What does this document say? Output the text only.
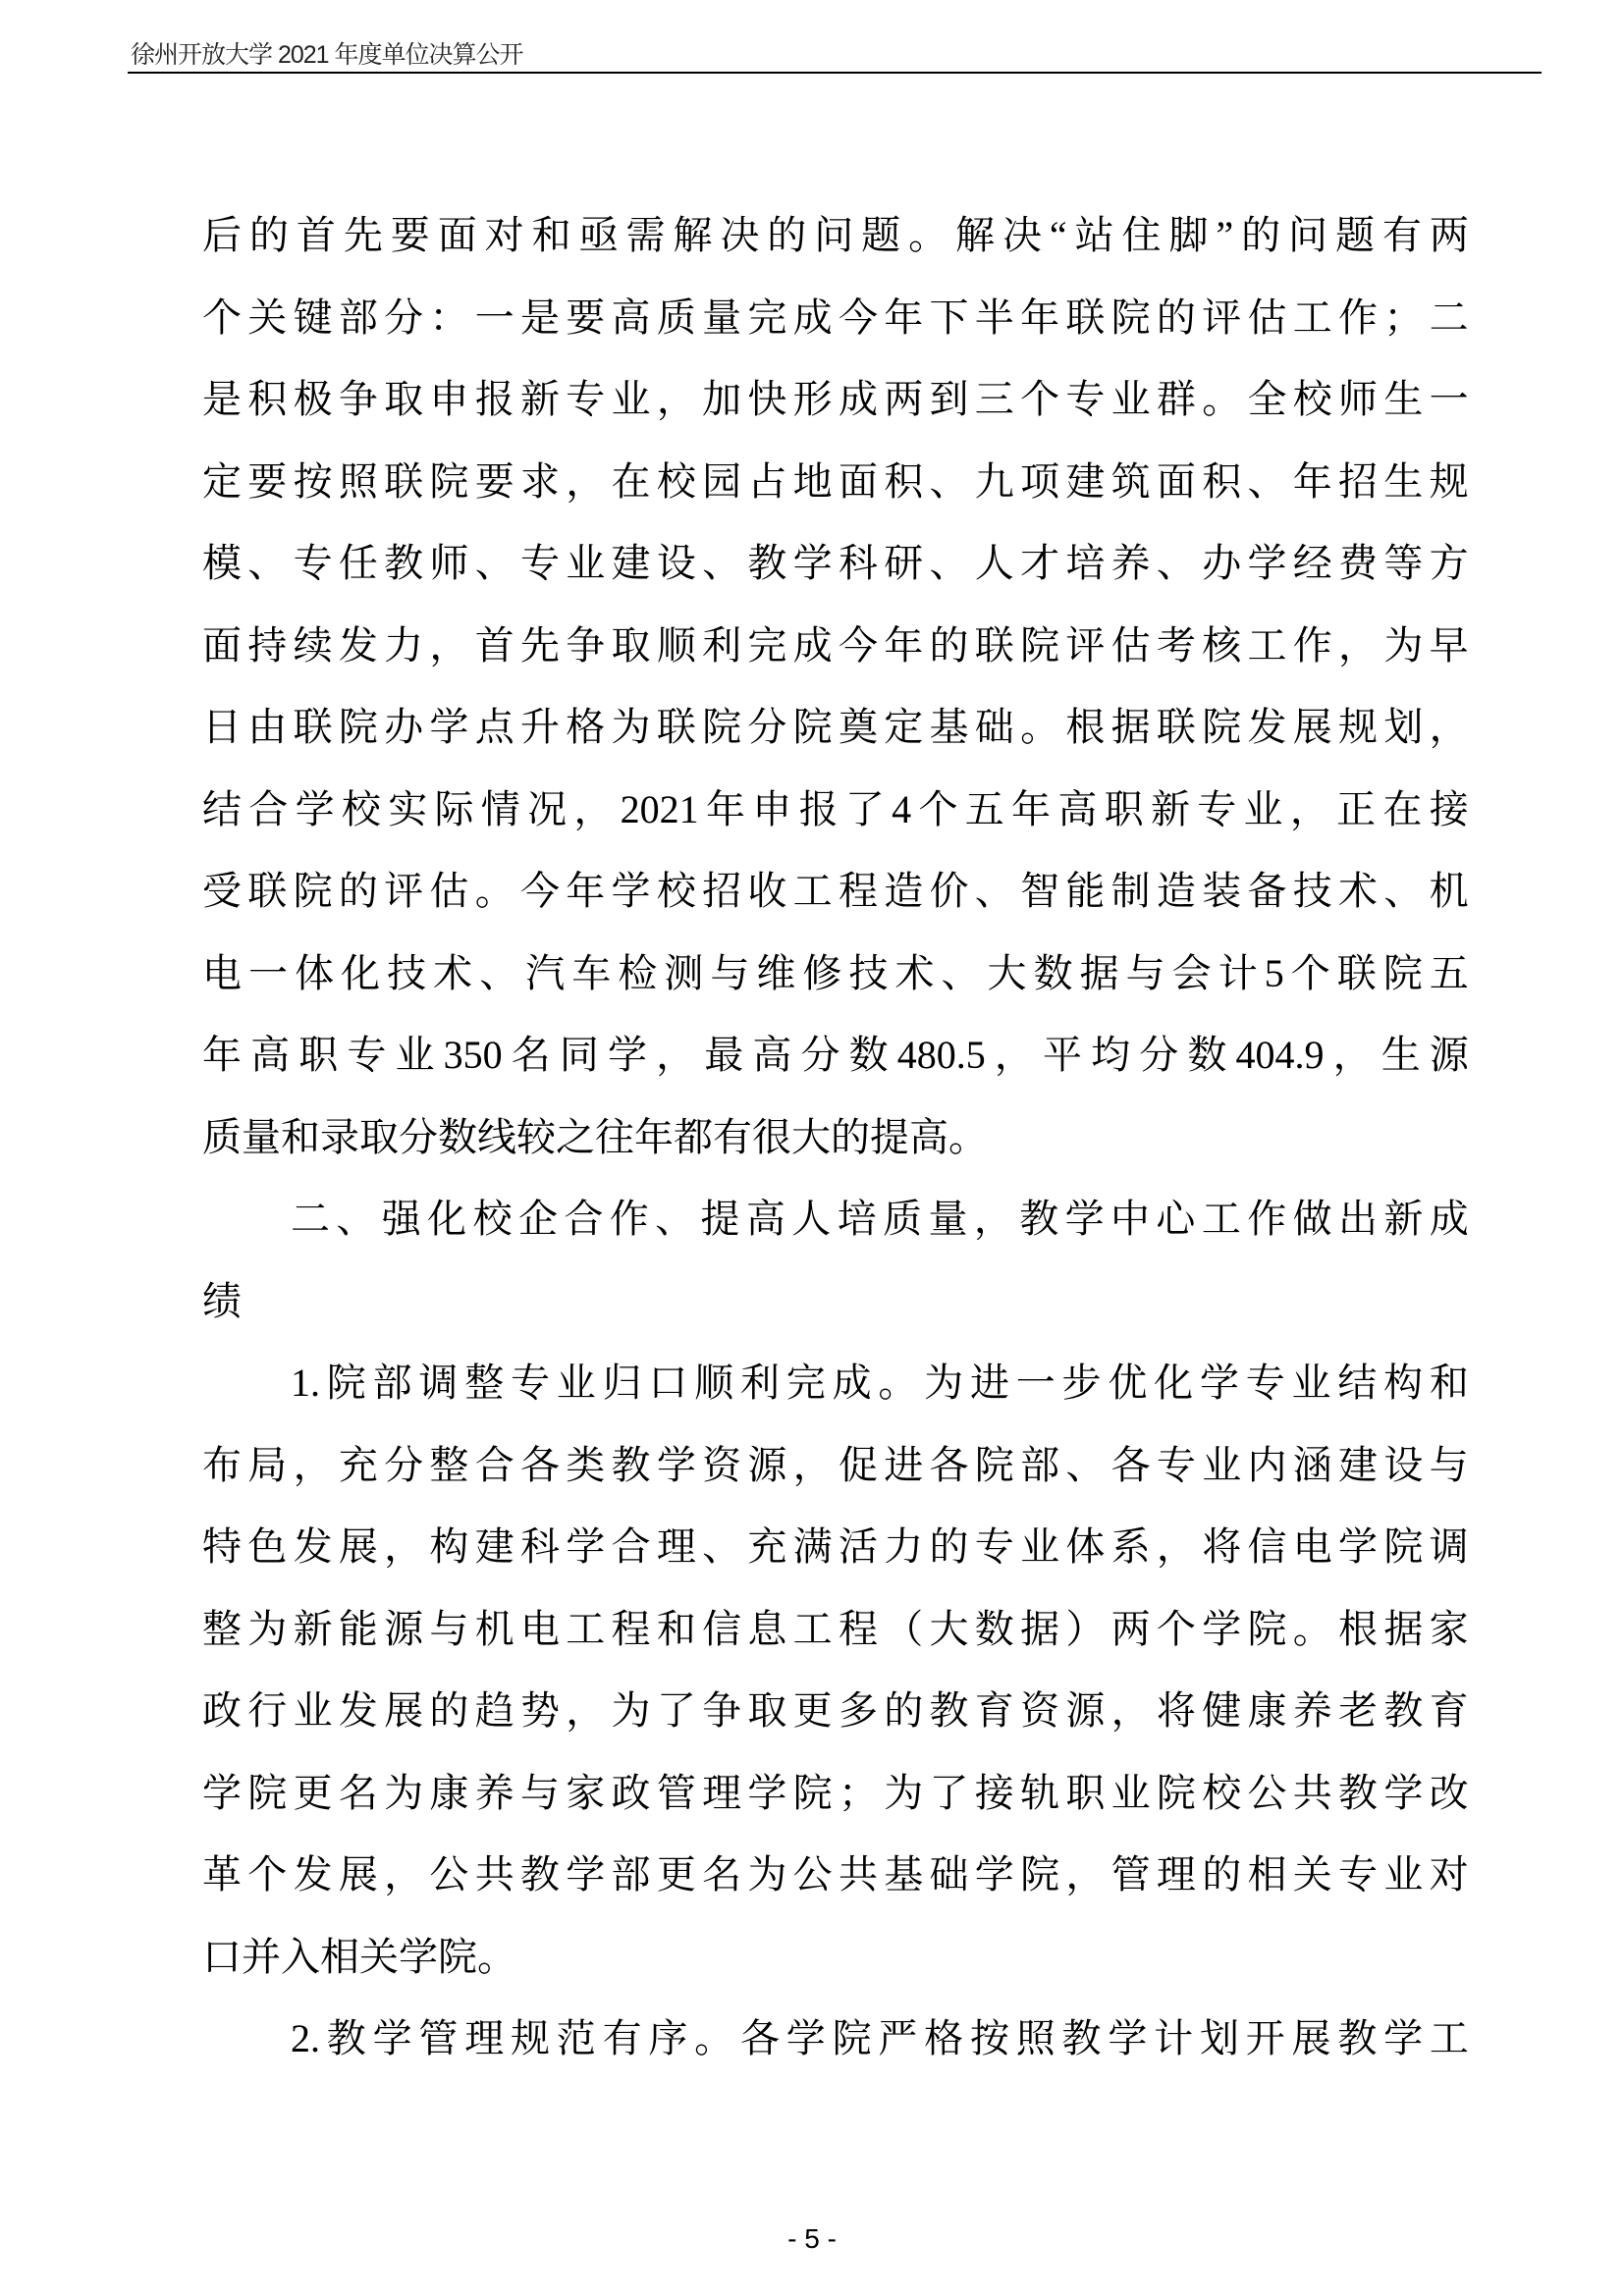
徐州开放大学 2021 年度单位决算公开
后 的 首 先 要 面 对 和 亟 需 解 决 的 问 题 。 解 决 “ 站 住 脚 ” 的 问 题 有 两
个 关 键 部 分 ： 一 是 要 高 质 量 完 成 今 年 下 半 年 联 院 的 评 估 工 作 ； 二
是 积 极 争 取 申 报 新 专 业 ， 加 快 形 成 两 到 三 个 专 业 群 。 全 校 师 生 一
定 要 按 照 联 院 要 求 ， 在 校 园 占 地 面 积 、 九 项 建 筑 面 积 、 年 招 生 规
模 、 专 任 教 师 、 专 业 建 设 、 教 学 科 研 、 人 才 培 养 、 办 学 经 费 等 方
面 持 续 发 力 ， 首 先 争 取 顺 利 完 成 今 年 的 联 院 评 估 考 核 工 作 ， 为 早
日 由 联 院 办 学 点 升 格 为 联 院 分 院 奠 定 基 础 。 根 据 联 院 发 展 规 划 ，
结 合 学 校 实 际 情 况 ， 2021 年 申 报 了 4 个 五 年 高 职 新 专 业 ， 正 在 接
受 联 院 的 评 估 。 今 年 学 校 招 收 工 程 造 价 、 智 能 制 造 装 备 技 术 、 机
电 一 体 化 技 术 、 汽 车 检 测 与 维 修 技 术 、 大 数 据 与 会 计 5 个 联 院 五
年 高 职 专 业 350 名 同 学 ， 最 高 分 数 480.5 ， 平 均 分 数 404.9 ， 生 源
质 量 和 录 取 分 数 线 较 之 往 年 都 有 很 大 的 提 高 。
二 、 强 化 校 企 合 作 、 提 高 人 培 质 量 ， 教 学 中 心 工 作 做 出 新 成
绩
1. 院 部 调 整 专 业 归 口 顺 利 完 成 。 为 进 一 步 优 化 学 专 业 结 构 和
布 局 ， 充 分 整 合 各 类 教 学 资 源 ， 促 进 各 院 部 、 各 专 业 内 涵 建 设 与
特 色 发 展 ， 构 建 科 学 合 理 、 充 满 活 力 的 专 业 体 系 ， 将 信 电 学 院 调
整 为 新 能 源 与 机 电 工 程 和 信 息 工 程 （ 大 数 据 ） 两 个 学 院 。 根 据 家
政 行 业 发 展 的 趋 势 ， 为 了 争 取 更 多 的 教 育 资 源 ， 将 健 康 养 老 教 育
学 院 更 名 为 康 养 与 家 政 管 理 学 院 ； 为 了 接 轨 职 业 院 校 公 共 教 学 改
革 个 发 展 ， 公 共 教 学 部 更 名 为 公 共 基 础 学 院 ， 管 理 的 相 关 专 业 对
口 并 入 相 关 学 院 。
2. 教 学 管 理 规 范 有 序 。 各 学 院 严 格 按 照 教 学 计 划 开 展 教 学 工
- 5 -
